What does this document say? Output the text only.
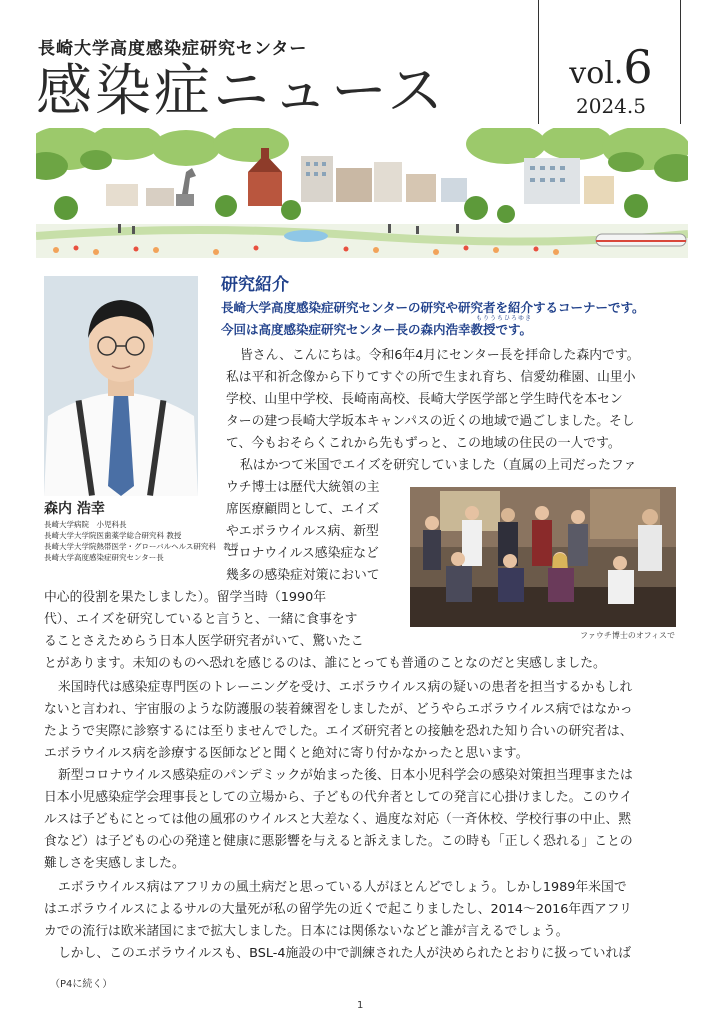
長崎大学高度感染症研究センター
感染症ニュース	vol.6
2024.5
森内 浩幸
長崎大学病院　小児科長
長崎大学大学院医歯薬学総合研究科 教授
長崎大学大学院熱帯医学・グローバルヘルス研究科　教授
長崎大学高度感染症研究センター長
研究紹介
長崎大学高度感染症研究センターの研究や研究者を紹介するコーナーです。
もりうちひろゆき
今回は高度感染症研究センター長の森内浩幸教授です。
皆さん、こんにちは。令和6年4月にセンター長を拝命した森内です。
私は平和祈念像から下りてすぐの所で生まれ育ち、信愛幼稚園、山里小
学校、山里中学校、長崎南高校、長崎大学医学部と学生時代を本セン
ターの建つ長崎大学坂本キャンパスの近くの地域で過ごしました。そし
て、今もおそらくこれから先もずっと、この地域の住民の一人です。
私はかつて米国でエイズを研究していました（直属の上司だったファ
ウチ博士は歴代大統領の主
席医療顧問として、エイズ
やエボラウイルス病、新型
コロナウイルス感染症など
幾多の感染症対策において
中心的役割を果たしました）。留学当時（1990年
代）、エイズを研究していると言うと、一緒に食事をす
ることさえためらう日本人医学研究者がいて、驚いたこ	ファウチ博士のオフィスで
とがあります。未知のものへ恐れを感じるのは、誰にとっても普通のことなのだと実感しました。
米国時代は感染症専門医のトレーニングを受け、エボラウイルス病の疑いの患者を担当するかもしれ
ないと言われ、宇宙服のような防護服の装着練習をしましたが、どうやらエボラウイルス病ではなかっ
たようで実際に診察するには至りませんでした。エイズ研究者との接触を恐れた知り合いの研究者は、
エボラウイルス病を診療する医師などと聞くと絶対に寄り付かなかったと思います。
新型コロナウイルス感染症のパンデミックが始まった後、日本小児科学会の感染対策担当理事または
日本小児感染症学会理事長としての立場から、子どもの代弁者としての発言に心掛けました。このウイ
ルスは子どもにとっては他の風邪のウイルスと大差なく、過度な対応（一斉休校、学校行事の中止、黙
食など）は子どもの心の発達と健康に悪影響を与えると訴えました。この時も「正しく恐れる」ことの
難しさを実感しました。
エボラウイルス病はアフリカの風土病だと思っている人がほとんどでしょう。しかし1989年米国で
はエボラウイルスによるサルの大量死が私の留学先の近くで起こりましたし、2014～2016年西アフリ
カでの流行は欧米諸国にまで拡大しました。日本には関係ないなどと誰が言えるでしょう。
しかし、このエボラウイルスも、BSL-4施設の中で訓練された人が決められたとおりに扱っていれば
（P4に続く）
1
